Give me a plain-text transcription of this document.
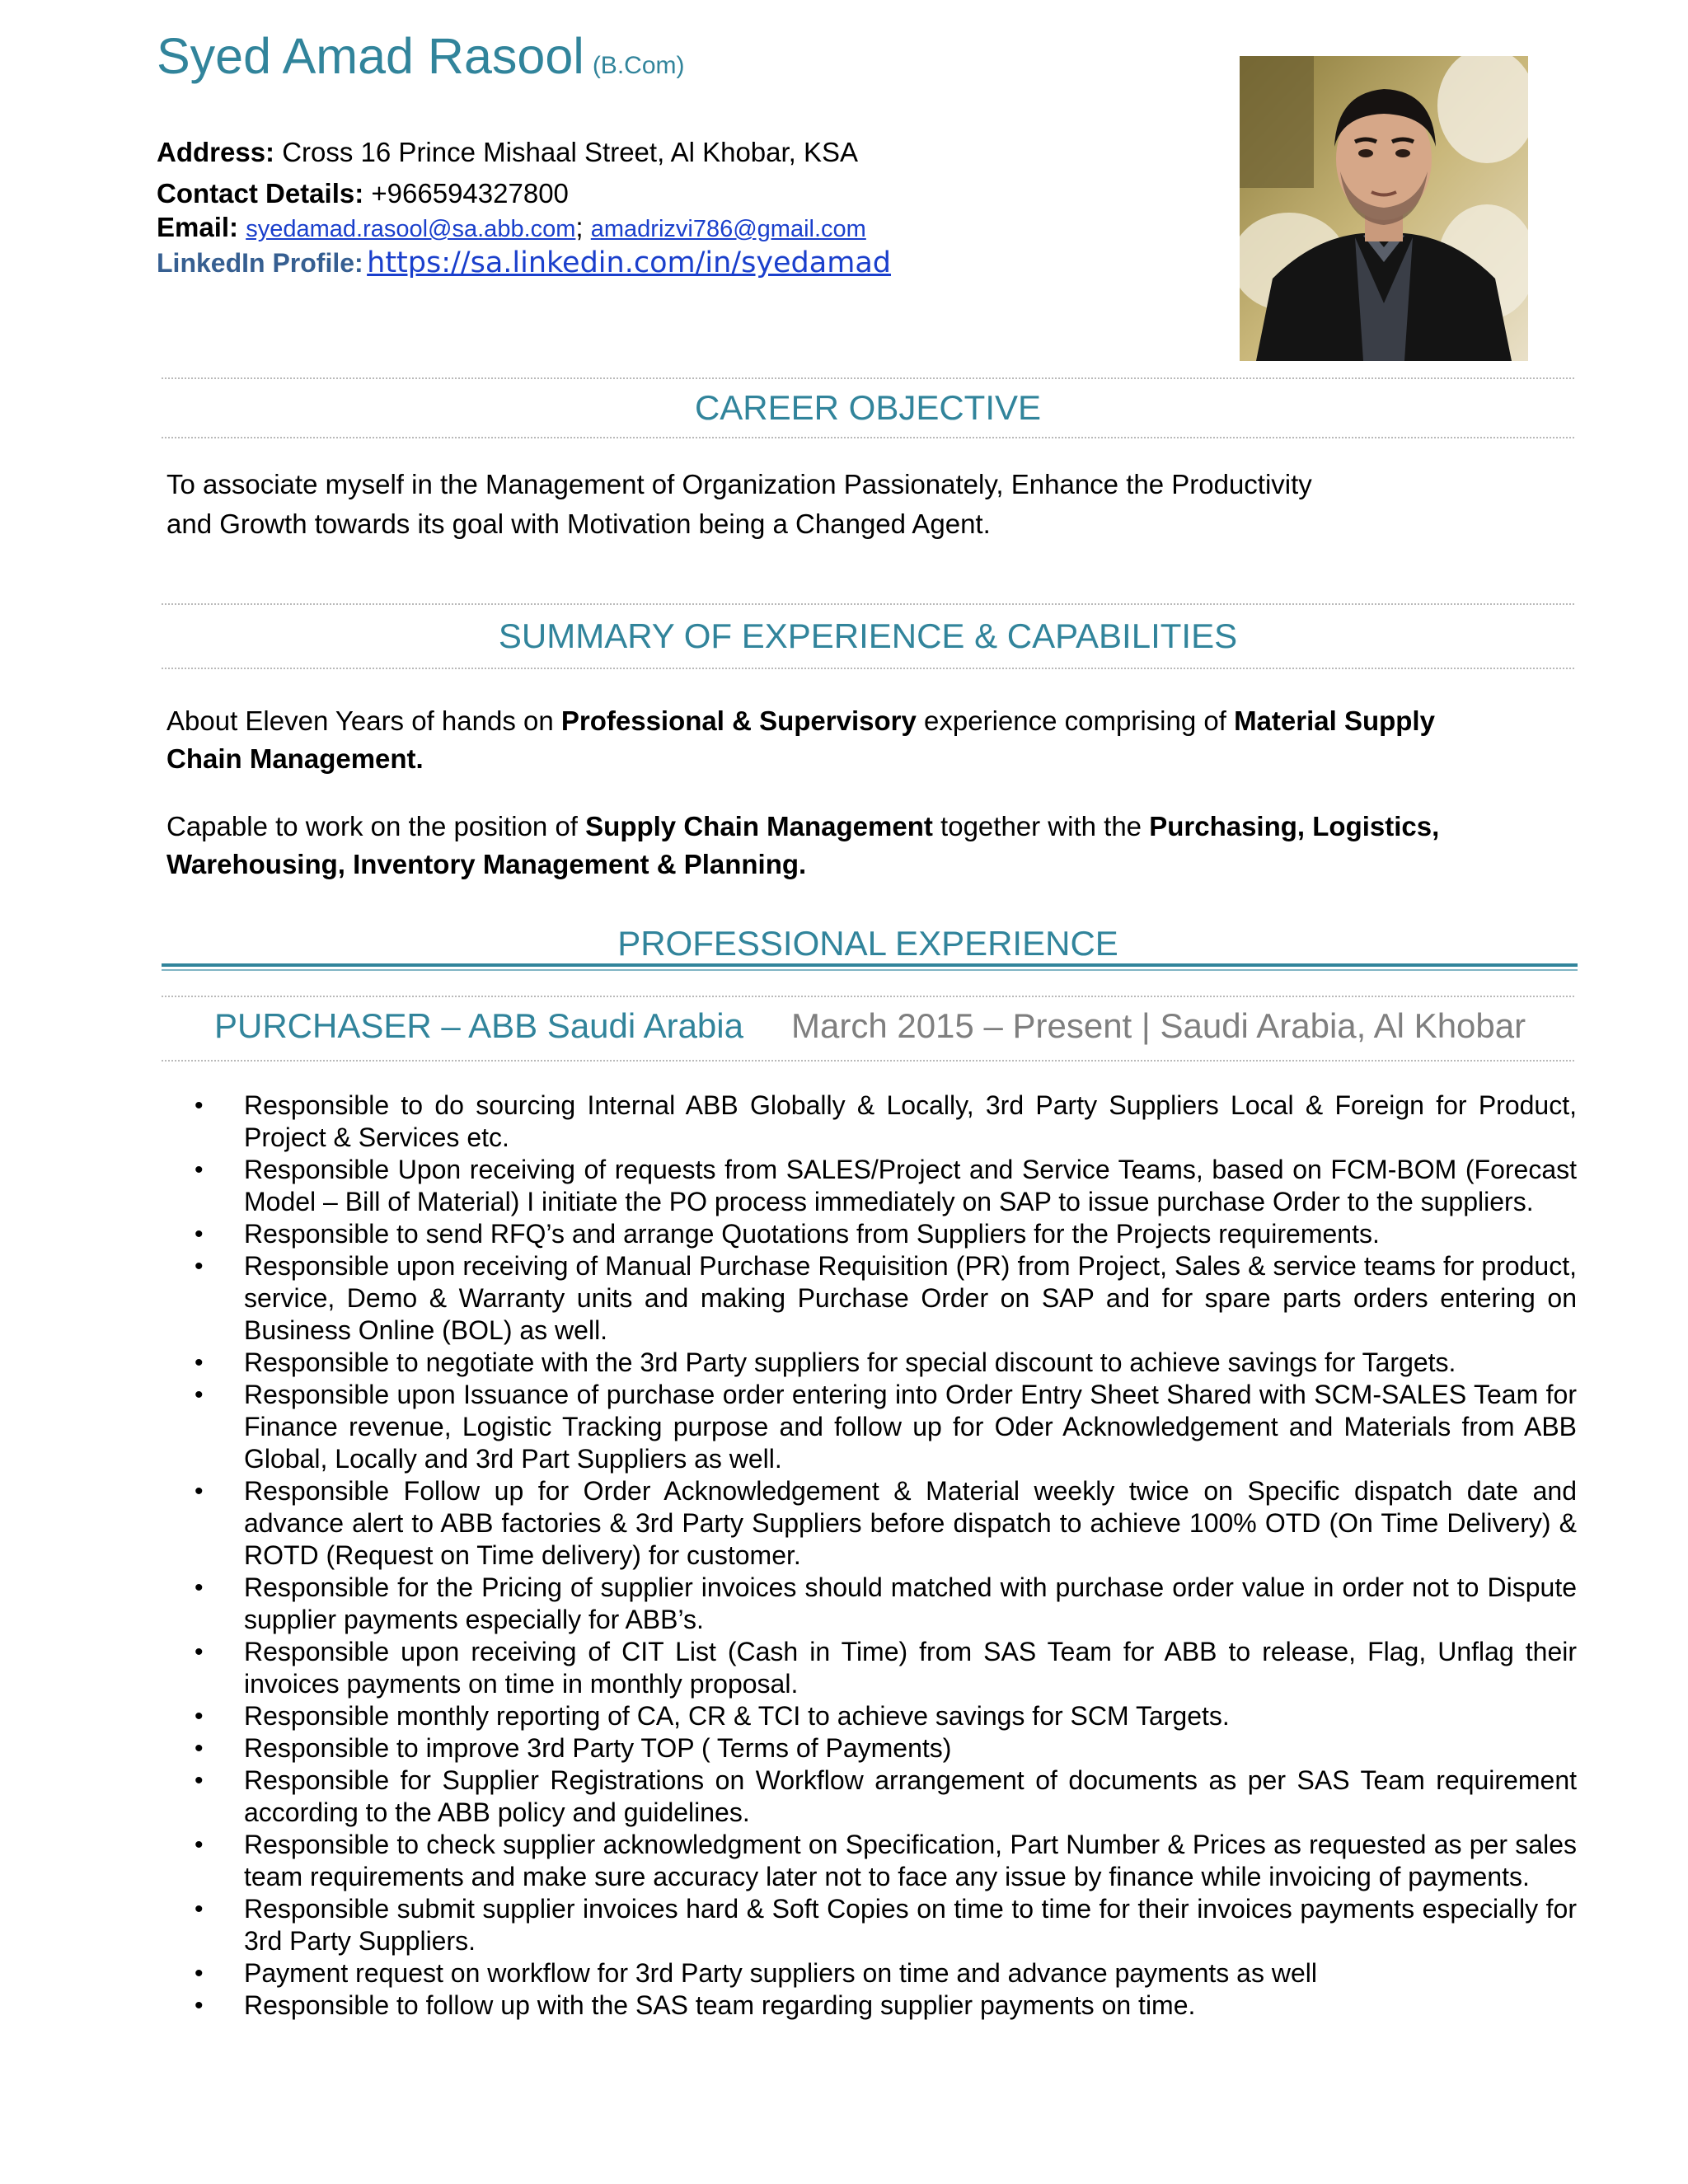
Syed Amad Rasool (B.Com)
Address: Cross 16 Prince Mishaal Street, Al Khobar, KSA
Contact Details: +966594327800
Email: syedamad.rasool@sa.abb.com; amadrizvi786@gmail.com
LinkedIn Profile: https://sa.linkedin.com/in/syedamad
CAREER OBJECTIVE
To associate myself in the Management of Organization Passionately, Enhance the Productivity
and Growth towards its goal with Motivation being a Changed Agent.
SUMMARY OF EXPERIENCE & CAPABILITIES
About Eleven Years of hands on Professional & Supervisory experience comprising of Material Supply Chain Management.
Capable to work on the position of Supply Chain Management together with the Purchasing, Logistics, Warehousing, Inventory Management & Planning.
PROFESSIONAL EXPERIENCE
PURCHASER – ABB Saudi Arabia March 2015 – Present | Saudi Arabia, Al Khobar
• Responsible to do sourcing Internal ABB Globally & Locally, 3rd Party Suppliers Local & Foreign for Product, Project & Services etc.
• Responsible Upon receiving of requests from SALES/Project and Service Teams, based on FCM-BOM (Forecast Model – Bill of Material) I initiate the PO process immediately on SAP to issue purchase Order to the suppliers.
• Responsible to send RFQ’s and arrange Quotations from Suppliers for the Projects requirements.
• Responsible upon receiving of Manual Purchase Requisition (PR) from Project, Sales & service teams for product, service, Demo & Warranty units and making Purchase Order on SAP and for spare parts orders entering on Business Online (BOL) as well.
• Responsible to negotiate with the 3rd Party suppliers for special discount to achieve savings for Targets.
• Responsible upon Issuance of purchase order entering into Order Entry Sheet Shared with SCM-SALES Team for Finance revenue, Logistic Tracking purpose and follow up for Oder Acknowledgement and Materials from ABB Global, Locally and 3rd Part Suppliers as well.
• Responsible Follow up for Order Acknowledgement & Material weekly twice on Specific dispatch date and advance alert to ABB factories & 3rd Party Suppliers before dispatch to achieve 100% OTD (On Time Delivery) & ROTD (Request on Time delivery) for customer.
• Responsible for the Pricing of supplier invoices should matched with purchase order value in order not to Dispute supplier payments especially for ABB’s.
• Responsible upon receiving of CIT List (Cash in Time) from SAS Team for ABB to release, Flag, Unflag their invoices payments on time in monthly proposal.
• Responsible monthly reporting of CA, CR & TCI to achieve savings for SCM Targets.
• Responsible to improve 3rd Party TOP ( Terms of Payments)
• Responsible for Supplier Registrations on Workflow arrangement of documents as per SAS Team requirement according to the ABB policy and guidelines.
• Responsible to check supplier acknowledgment on Specification, Part Number & Prices as requested as per sales team requirements and make sure accuracy later not to face any issue by finance while invoicing of payments.
• Responsible submit supplier invoices hard & Soft Copies on time to time for their invoices payments especially for 3rd Party Suppliers.
• Payment request on workflow for 3rd Party suppliers on time and advance payments as well
• Responsible to follow up with the SAS team regarding supplier payments on time.
